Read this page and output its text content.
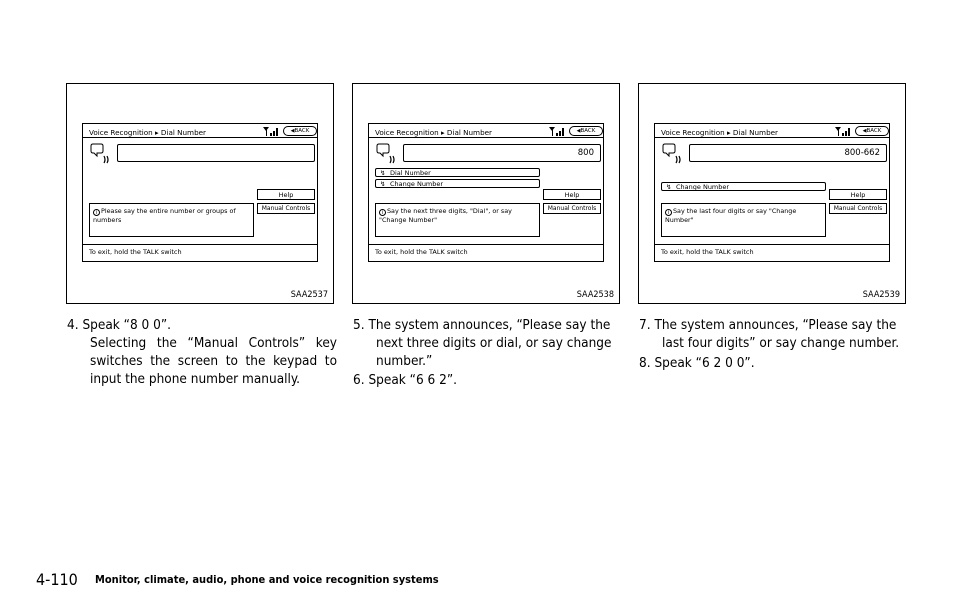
Voice Recognition ▸ Dial Number	◀BACK
Help
Manual Controls
i Please say the entire number or groups of numbers
To exit, hold the TALK switch
SAA2537
Voice Recognition ▸ Dial Number	◀BACK
800
↯ Dial Number
↯ Change Number
Help
Manual Controls
i Say the next three digits, "Dial", or say "Change Number"
To exit, hold the TALK switch
SAA2538
Voice Recognition ▸ Dial Number	◀BACK
800-662
↯ Change Number
Help
Manual Controls
i Say the last four digits or say "Change Number"
To exit, hold the TALK switch
SAA2539
4. Speak “8 0 0”.
Selecting the “Manual Controls” key switches the screen to the keypad to input the phone number manually.
5. The system announces, “Please say the
next three digits or dial, or say change number.”
6. Speak “6 6 2”.
7. The system announces, “Please say the
last four digits” or say change number.
8. Speak “6 2 0 0”.
4-110 Monitor, climate, audio, phone and voice recognition systems
